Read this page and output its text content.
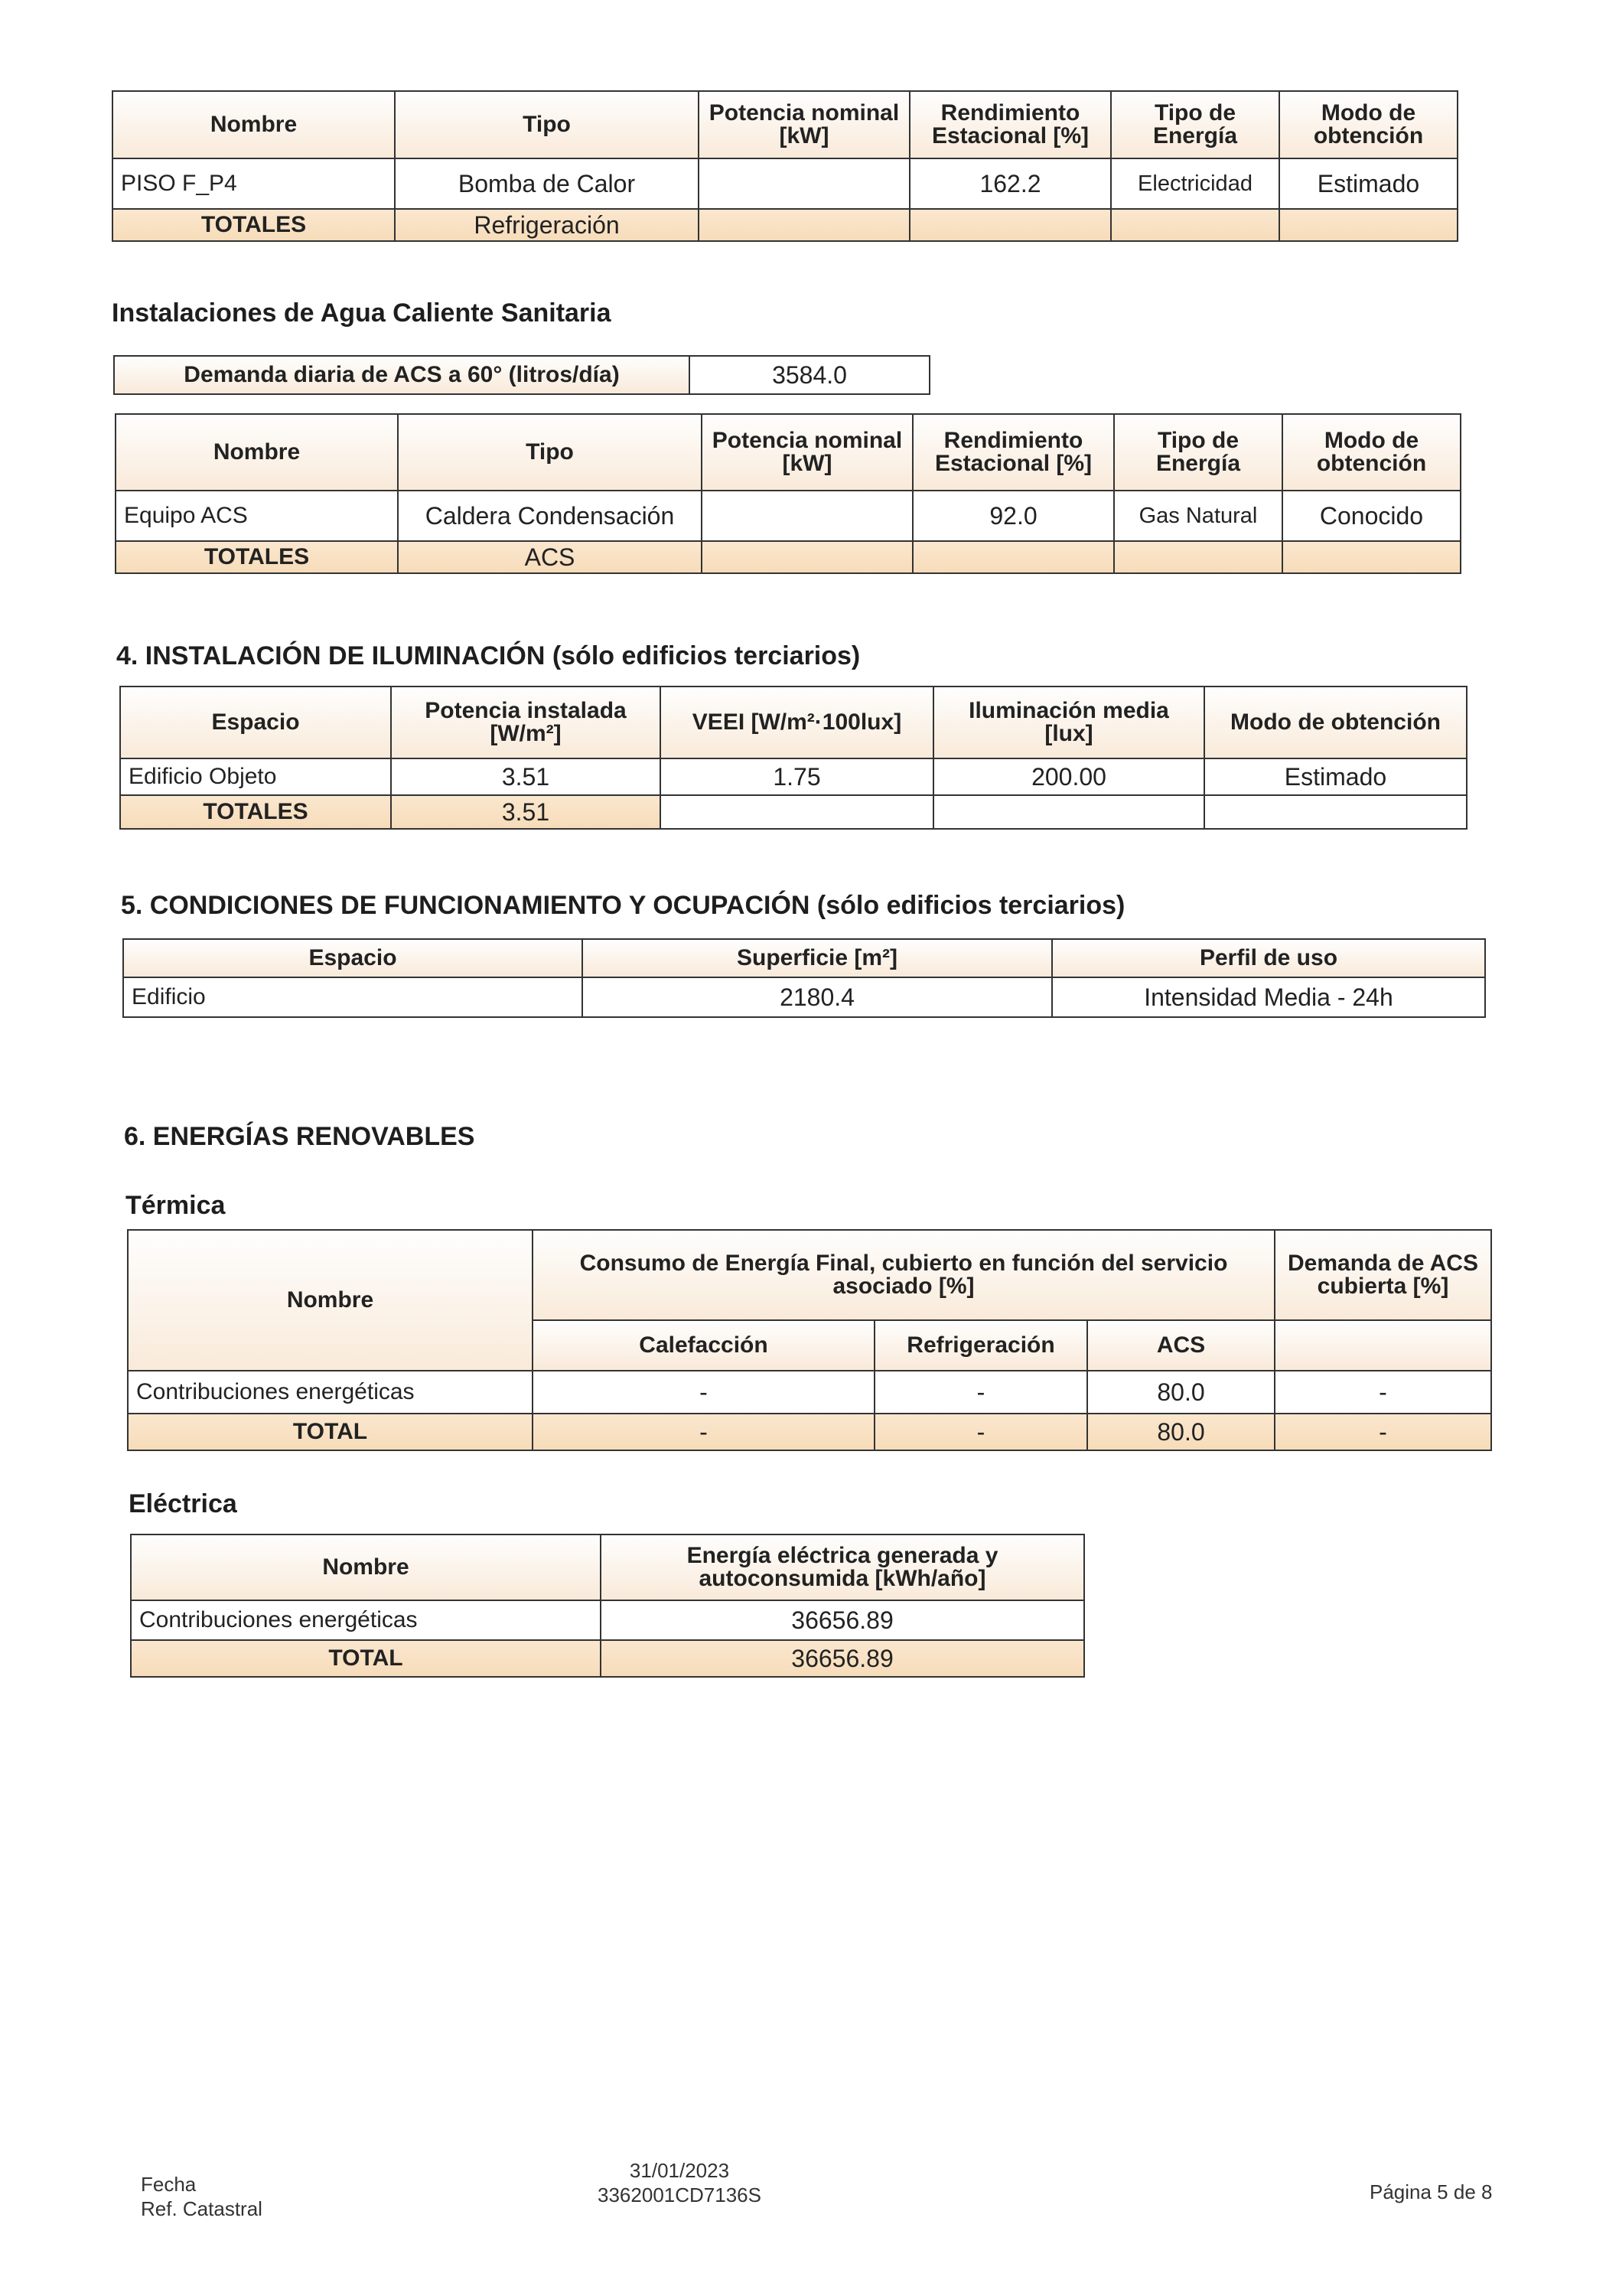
Nombre	Tipo	Potencia nominal [kW]	Rendimiento Estacional [%]	Tipo de Energía	Modo de obtención
PISO F_P4	Bomba de Calor		162.2	Electricidad	Estimado
TOTALES	Refrigeración				
Instalaciones de Agua Caliente Sanitaria
Demanda diaria de ACS a 60° (litros/día)	3584.0
Nombre	Tipo	Potencia nominal [kW]	Rendimiento Estacional [%]	Tipo de Energía	Modo de obtención
Equipo ACS	Caldera Condensación		92.0	Gas Natural	Conocido
TOTALES	ACS				
4. INSTALACIÓN DE ILUMINACIÓN (sólo edificios terciarios)
Espacio	Potencia instalada [W/m²]	VEEI [W/m²·100lux]	Iluminación media [lux]	Modo de obtención
Edificio Objeto	3.51	1.75	200.00	Estimado
TOTALES	3.51			
5. CONDICIONES DE FUNCIONAMIENTO Y OCUPACIÓN (sólo edificios terciarios)
Espacio	Superficie [m²]	Perfil de uso
Edificio	2180.4	Intensidad Media - 24h
6. ENERGÍAS RENOVABLES
Térmica
Nombre	Consumo de Energía Final, cubierto en función del servicio asociado [%]			Demanda de ACS cubierta [%]
	Calefacción	Refrigeración	ACS	
Contribuciones energéticas	-	-	80.0	-
TOTAL	-	-	80.0	-
Eléctrica
Nombre	Energía eléctrica generada y autoconsumida [kWh/año]
Contribuciones energéticas	36656.89
TOTAL	36656.89
Fecha
Ref. Catastral
31/01/2023
3362001CD7136S	Página 5 de 8
